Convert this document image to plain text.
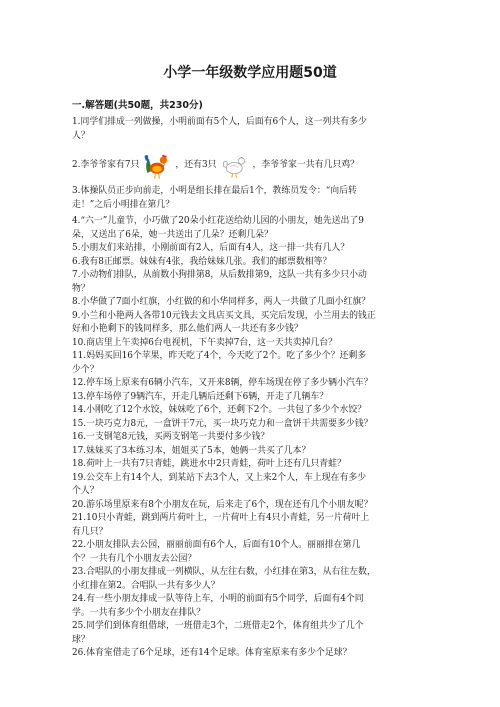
小学一年级数学应用题50道
一.解答题(共50题，共230分)
1.同学们排成一列做操，小明前面有5个人，后面有6个人，这一列共有多少
人？
2.李爷爷家有7只	，还有3只	，李爷爷家一共有几只鸡？
3.体操队员正步向前走，小明是组长排在最后1个，教练员发令：“向后转
走！”之后小明排在第几？
4.“六一”儿童节，小巧做了20朵小红花送给幼儿园的小朋友，她先送出了9
朵，又送出了6朵，她一共送出了几朵？还剩几朵？
5.小朋友们来站排，小刚前面有2人，后面有4人，这一排一共有几人？
6.我有8正邮票。妹妹有4张，我给妹妹几张。我们的邮票数相等？
7.小动物们排队，从前数小狗排第8，从后数排第9，这队一共有多少只小动
物？
8.小华做了7面小红旗，小红做的和小华同样多，两人一共做了几面小红旗？
9.小兰和小艳两人各带10元钱去文具店买文具，买完后发现，小兰用去的钱正
好和小艳剩下的钱同样多，那么他们两人一共还有多少钱？
10.商店里上午卖掉6台电视机，下午卖掉7台，这一天共卖掉几台？
11.妈妈买回16个苹果，昨天吃了4个，今天吃了2个。吃了多少个？还剩多
少个？
12.停车场上原来有6辆小汽车，又开来8辆，停车场现在停了多少辆小汽车？
13.停车场停了9辆汽车，开走几辆后还剩下6辆，开走了几辆车？
14.小刚吃了12个水饺，妹妹吃了6个，还剩下2个。一共包了多少个水饺？
15.一块巧克力8元，一盒饼干7元，买一块巧克力和一盒饼干共需要多少钱？
16.一支钢笔8元钱，买两支钢笔一共要付多少钱？
17.妹妹买了3本练习本，姐姐买了5本，她俩一共买了几本？
18.荷叶上一共有7只青蛙，跳进水中2只青蛙，荷叶上还有几只青蛙？
19.公交车上有14个人，到某站下去3个人，又上来2个人，车上现在有多少
个人？
20.游乐场里原来有8个小朋友在玩，后来走了6个，现在还有几个小朋友呢？
21.10只小青蛙，跳到两片荷叶上，一片荷叶上有4只小青蛙，另一片荷叶上
有几只？
22.小朋友排队去公园，丽丽前面有6个人，后面有10个人。丽丽排在第几
个？一共有几个小朋友去公园？
23.合唱队的小朋友排成一列横队，从左往右数，小红排在第3，从右往左数，
小红排在第2。合唱队一共有多少人？
24.有一些小朋友排成一队等待上车，小明的前面有5个同学，后面有4个同
学。一共有多少个小朋友在排队？
25.同学们到体育组借球，一班借走3个，二班借走2个，体育组共少了几个
球？
26.体育室借走了6个足球，还有14个足球。体育室原来有多少个足球？
